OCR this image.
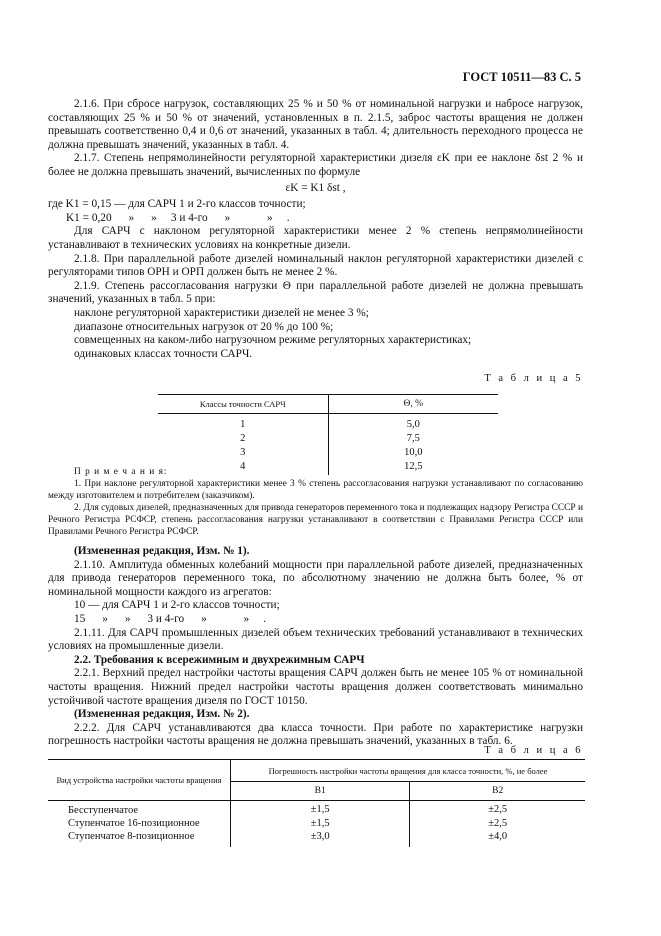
ГОСТ 10511—83 С. 5

2.1.6. При сбросе нагрузок, составляющих 25 % и 50 % от номинальной нагрузки и набросе нагрузок, составляющих 25 % и 50 % от значений, установленных в п. 2.1.5, заброс частоты вращения не должен превышать соответственно 0,4 и 0,6 от значений, указанных в табл. 4; длительность переходного процесса не должна превышать значений, указанных в табл. 4.

2.1.7. Степень непрямолинейности регуляторной характеристики дизеля εK при ее наклоне δst 2 % и более не должна превышать значений, вычисленных по формуле

εK = K1 δst ,

где K1 = 0,15 — для САРЧ 1 и 2-го классов точности;

K1 = 0,20      »      »     3 и 4-го      »             »     .

Для САРЧ с наклоном регуляторной характеристики менее 2 % степень непрямолинейности устанавливают в технических условиях на конкретные дизели.

2.1.8. При параллельной работе дизелей номинальный наклон регуляторной характеристики дизелей с регуляторами типов ОРН и ОРП должен быть не менее 2 %.

2.1.9. Степень рассогласования нагрузки Θ при параллельной работе дизелей не должна превышать значений, указанных в табл. 5 при:

наклоне регуляторной характеристики дизелей не менее 3 %;

диапазоне относительных нагрузок от 20 % до 100 %;

совмещенных на каком-либо нагрузочном режиме регуляторных характеристиках;

одинаковых классах точности САРЧ.

Т а б л и ц а 5

Классы точности САРЧ	Θ, %
1	5,0
2	7,5
3	10,0
4	12,5

П р и м е ч а н и я:

1. При наклоне регуляторной характеристики менее 3 % степень рассогласования нагрузки устанавливают по согласованию между изготовителем и потребителем (заказчиком).

2. Для судовых дизелей, предназначенных для привода генераторов переменного тока и подлежащих надзору Регистра СССР и Речного Регистра РСФСР, степень рассогласования нагрузки устанавливают в соответствии с Правилами Регистра СССР или Правилами Речного Регистра РСФСР.

(Измененная редакция, Изм. № 1).

2.1.10. Амплитуда обменных колебаний мощности при параллельной работе дизелей, предназначенных для привода генераторов переменного тока, по абсолютному значению не должна быть более, % от номинальной мощности каждого из агрегатов:

10 — для САРЧ 1 и 2-го классов точности;

15      »      »      3 и 4-го      »             »     .

2.1.11. Для САРЧ промышленных дизелей объем технических требований устанавливают в технических условиях на промышленные дизели.

2.2. Требования к всережимным и двухрежимным САРЧ

2.2.1. Верхний предел настройки частоты вращения САРЧ должен быть не менее 105 % от номинальной частоты вращения. Нижний предел настройки частоты вращения должен соответствовать минимально устойчивой частоте вращения дизеля по ГОСТ 10150.

(Измененная редакция, Изм. № 2).

2.2.2. Для САРЧ устанавливаются два класса точности. При работе по характеристике нагрузки погрешность настройки частоты вращения не должна превышать значений, указанных в табл. 6.

Т а б л и ц а 6

Вид устройства настройки частоты вращения	Погрешность настройки частоты вращения для класса точности, %, не более	
	B1	B2
Бесступенчатое	±1,5	±2,5
Ступенчатое 16-позиционное	±1,5	±2,5
Ступенчатое 8-позиционное	±3,0	±4,0
